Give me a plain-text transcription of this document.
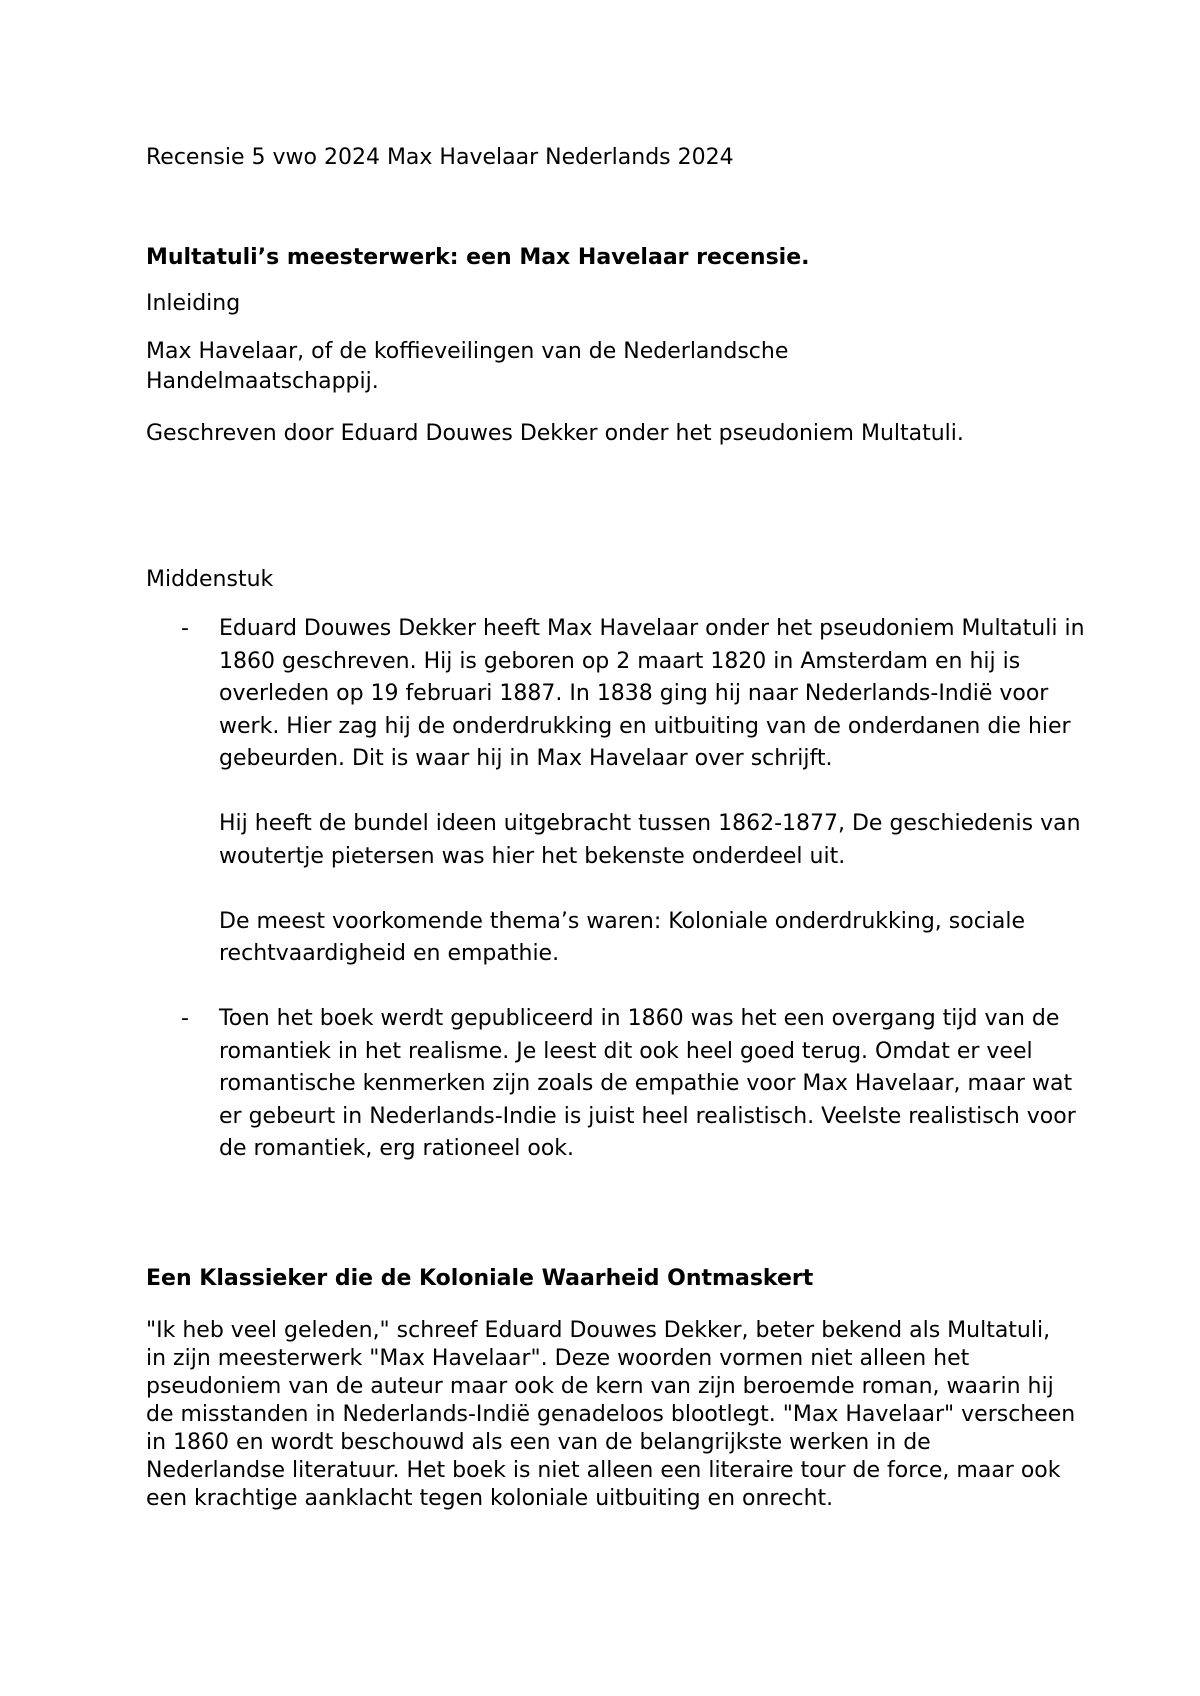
Recensie 5 vwo 2024 Max Havelaar Nederlands 2024
Multatuli’s meesterwerk: een Max Havelaar recensie.
Inleiding
Max Havelaar, of de koffieveilingen van de Nederlandsche Handelmaatschappij.
Geschreven door Eduard Douwes Dekker onder het pseudoniem Multatuli.
Middenstuk
- Eduard Douwes Dekker heeft Max Havelaar onder het pseudoniem Multatuli in 1860 geschreven. Hij is geboren op 2 maart 1820 in Amsterdam en hij is overleden op 19 februari 1887. In 1838 ging hij naar Nederlands-Indië voor werk. Hier zag hij de onderdrukking en uitbuiting van de onderdanen die hier gebeurden. Dit is waar hij in Max Havelaar over schrijft.

Hij heeft de bundel ideen uitgebracht tussen 1862-1877, De geschiedenis van woutertje pietersen was hier het bekenste onderdeel uit.

De meest voorkomende thema’s waren: Koloniale onderdrukking, sociale rechtvaardigheid en empathie.

- Toen het boek werdt gepubliceerd in 1860 was het een overgang tijd van de romantiek in het realisme. Je leest dit ook heel goed terug. Omdat er veel romantische kenmerken zijn zoals de empathie voor Max Havelaar, maar wat er gebeurt in Nederlands-Indie is juist heel realistisch. Veelste realistisch voor de romantiek, erg rationeel ook.

Een Klassieker die de Koloniale Waarheid Ontmaskert

"Ik heb veel geleden," schreef Eduard Douwes Dekker, beter bekend als Multatuli, in zijn meesterwerk "Max Havelaar". Deze woorden vormen niet alleen het pseudoniem van de auteur maar ook de kern van zijn beroemde roman, waarin hij de misstanden in Nederlands-Indië genadeloos blootlegt. "Max Havelaar" verscheen in 1860 en wordt beschouwd als een van de belangrijkste werken in de Nederlandse literatuur. Het boek is niet alleen een literaire tour de force, maar ook een krachtige aanklacht tegen koloniale uitbuiting en onrecht.
